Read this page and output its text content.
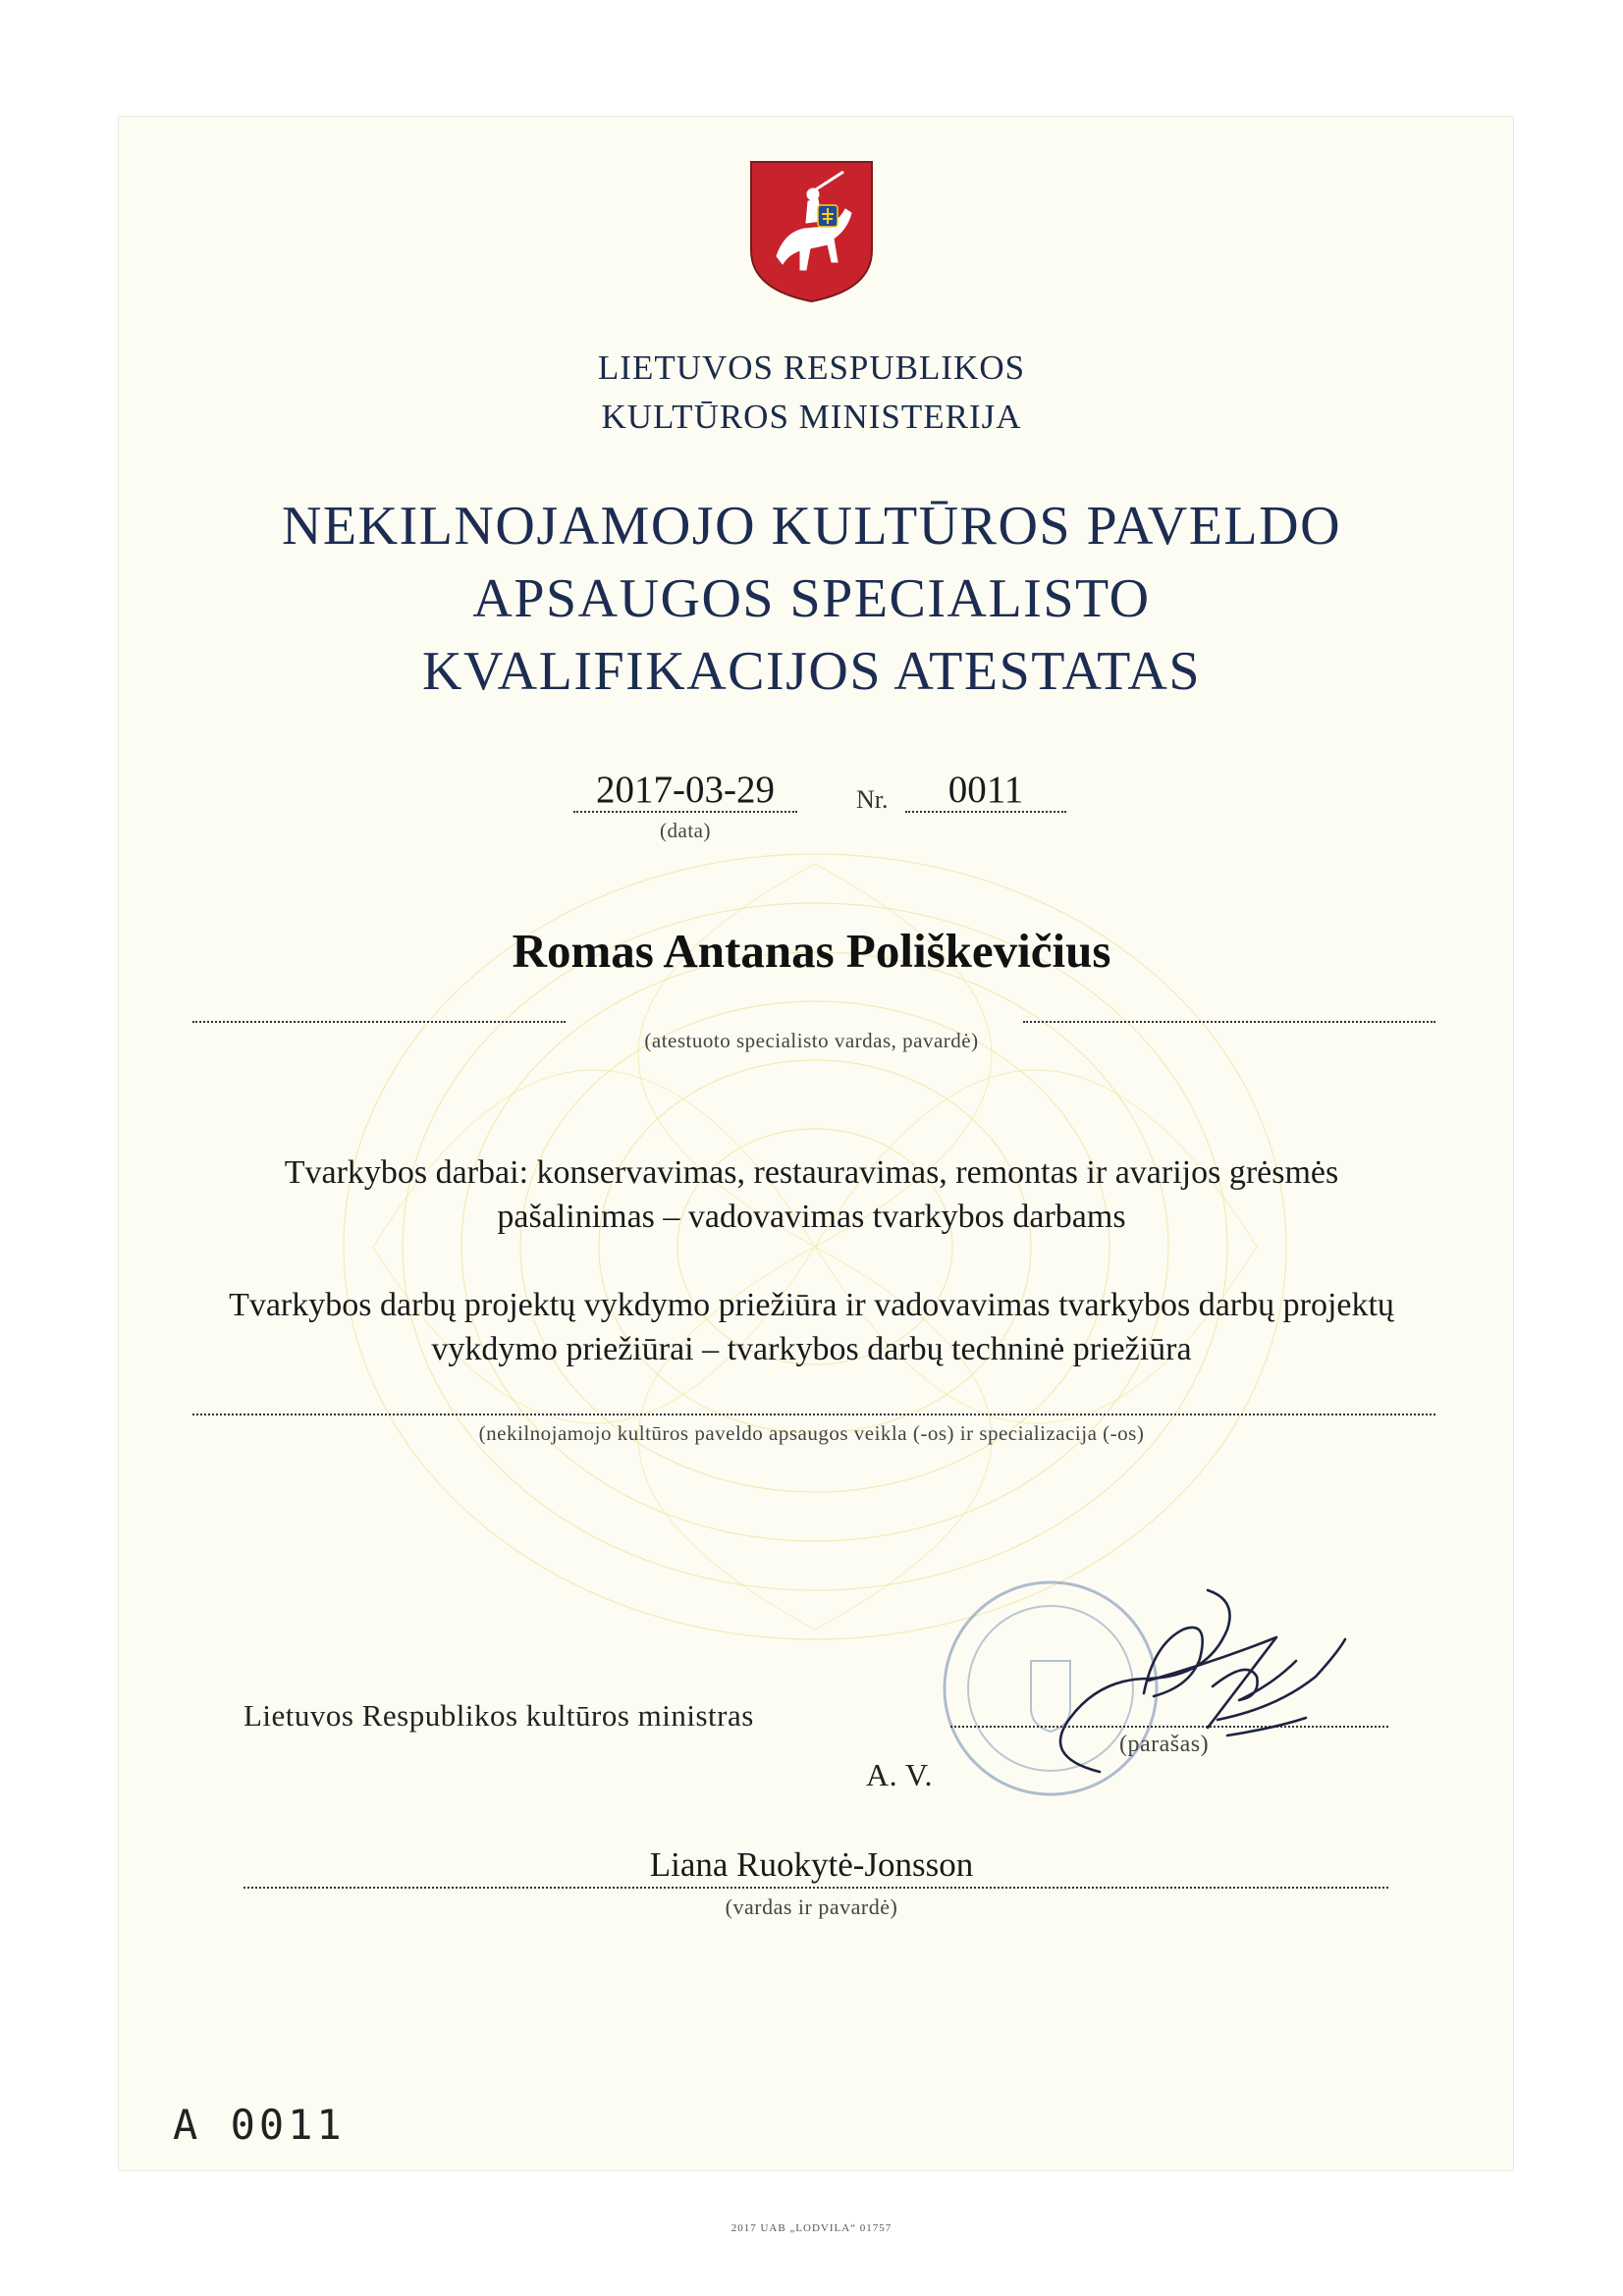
LIETUVOS RESPUBLIKOS
KULTŪROS MINISTERIJA
NEKILNOJAMOJO KULTŪROS PAVELDO
APSAUGOS SPECIALISTO
KVALIFIKACIJOS ATESTATAS
2017-03-29
(data)
Nr.	0011
Romas Antanas Poliškevičius
(atestuoto specialisto vardas, pavardė)
Tvarkybos darbai: konservavimas, restauravimas, remontas ir avarijos grėsmės
pašalinimas – vadovavimas tvarkybos darbams
Tvarkybos darbų projektų vykdymo priežiūra ir vadovavimas tvarkybos darbų projektų
vykdymo priežiūrai – tvarkybos darbų techninė priežiūra
(nekilnojamojo kultūros paveldo apsaugos veikla (-os) ir specializacija (-os)
Lietuvos Respublikos kultūros ministras
(parašas)
A. V.
Liana Ruokytė-Jonsson
(vardas ir pavardė)
A 0011
2017 UAB „LODVILA“ 01757
